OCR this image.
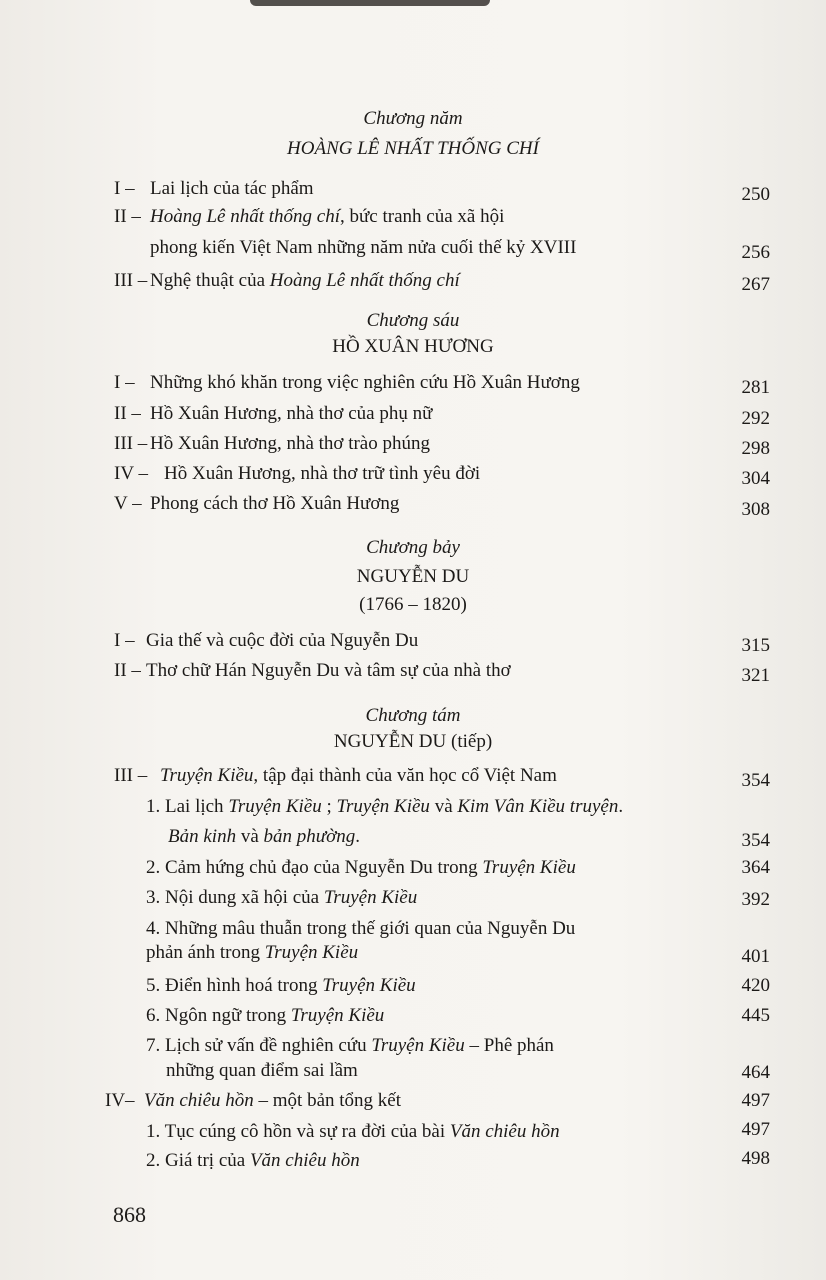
Chương năm
HOÀNG LÊ NHẤT THỐNG CHÍ
I – Lai lịch của tác phẩm	250
II – Hoàng Lê nhất thống chí, bức tranh của xã hội
phong kiến Việt Nam những năm nửa cuối thế kỷ XVIII	256
III – Nghệ thuật của Hoàng Lê nhất thống chí	267
Chương sáu
HỒ XUÂN HƯƠNG
I – Những khó khăn trong việc nghiên cứu Hồ Xuân Hương	281
II – Hồ Xuân Hương, nhà thơ của phụ nữ	292
III – Hồ Xuân Hương, nhà thơ trào phúng	298
IV – Hồ Xuân Hương, nhà thơ trữ tình yêu đời	304
V – Phong cách thơ Hồ Xuân Hương	308
Chương bảy
NGUYỄN DU
(1766 – 1820)
I – Gia thế và cuộc đời của Nguyễn Du	315
II – Thơ chữ Hán Nguyễn Du và tâm sự của nhà thơ	321
Chương tám
NGUYỄN DU (tiếp)
III – Truyện Kiều, tập đại thành của văn học cổ Việt Nam	354
1. Lai lịch Truyện Kiều ; Truyện Kiều và Kim Vân Kiều truyện.
Bản kinh và bản phường.	354
2. Cảm hứng chủ đạo của Nguyễn Du trong Truyện Kiều	364
3. Nội dung xã hội của Truyện Kiều	392
4. Những mâu thuẫn trong thế giới quan của Nguyễn Du
phản ánh trong Truyện Kiều	401
5. Điển hình hoá trong Truyện Kiều	420
6. Ngôn ngữ trong Truyện Kiều	445
7. Lịch sử vấn đề nghiên cứu Truyện Kiều – Phê phán
những quan điểm sai lầm	464
IV– Văn chiêu hồn – một bản tổng kết	497
1. Tục cúng cô hồn và sự ra đời của bài Văn chiêu hồn	497
2. Giá trị của Văn chiêu hồn	498
868
